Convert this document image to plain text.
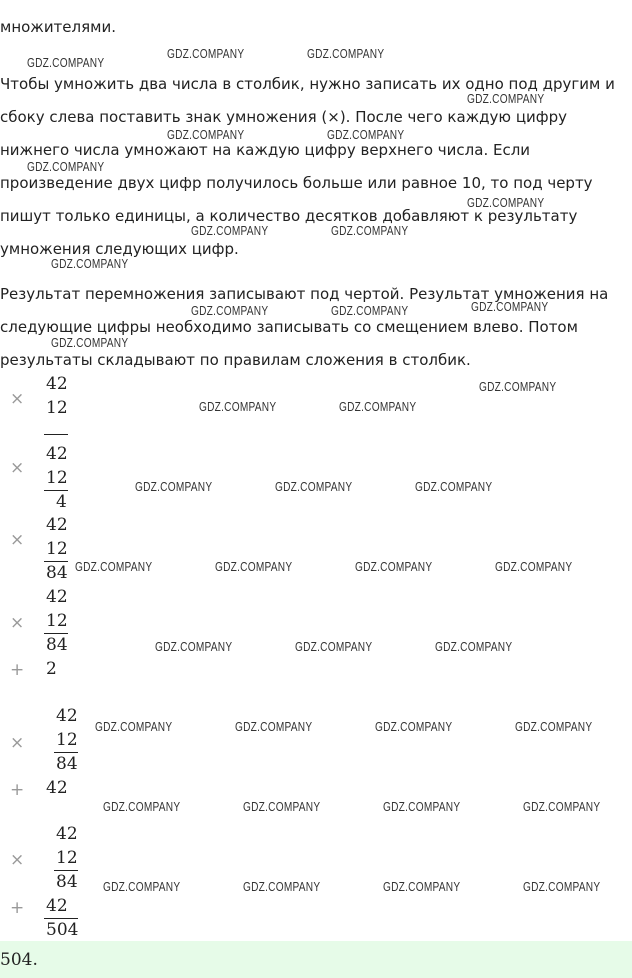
множителями.

Чтобы умножить два числа в столбик, нужно записать их одно под другим и сбоку слева поставить знак умножения (×). После чего каждую цифру нижнего числа умножают на каждую цифру верхнего числа. Если произведение двух цифр получилось больше или равное 10, то под черту пишут только единицы, а количество десятков добавляют к результату умножения следующих цифр.

Результат перемножения записывают под чертой. Результат умножения на следующие цифры необходимо записывать со смещением влево. Потом результаты складывают по правилам сложения в столбик.

GDZ.COMPANY
GDZ.COMPANY	GDZ.COMPANY
GDZ.COMPANY
GDZ.COMPANY	GDZ.COMPANY
GDZ.COMPANY
GDZ.COMPANY
GDZ.COMPANY	GDZ.COMPANY
GDZ.COMPANY
GDZ.COMPANY	GDZ.COMPANY	GDZ.COMPANY
GDZ.COMPANY
GDZ.COMPANY
GDZ.COMPANY	GDZ.COMPANY
GDZ.COMPANY	GDZ.COMPANY	GDZ.COMPANY
GDZ.COMPANY	GDZ.COMPANY	GDZ.COMPANY	GDZ.COMPANY
GDZ.COMPANY	GDZ.COMPANY	GDZ.COMPANY
GDZ.COMPANY	GDZ.COMPANY	GDZ.COMPANY	GDZ.COMPANY
GDZ.COMPANY	GDZ.COMPANY	GDZ.COMPANY	GDZ.COMPANY
GDZ.COMPANY	GDZ.COMPANY	GDZ.COMPANY	GDZ.COMPANY
×
42
12
42
× 12
4
42
× 12
84
42
× 12
84
+ 2
42
× 12
84
+ 42
42
× 12
84
+ 42
504
504.
